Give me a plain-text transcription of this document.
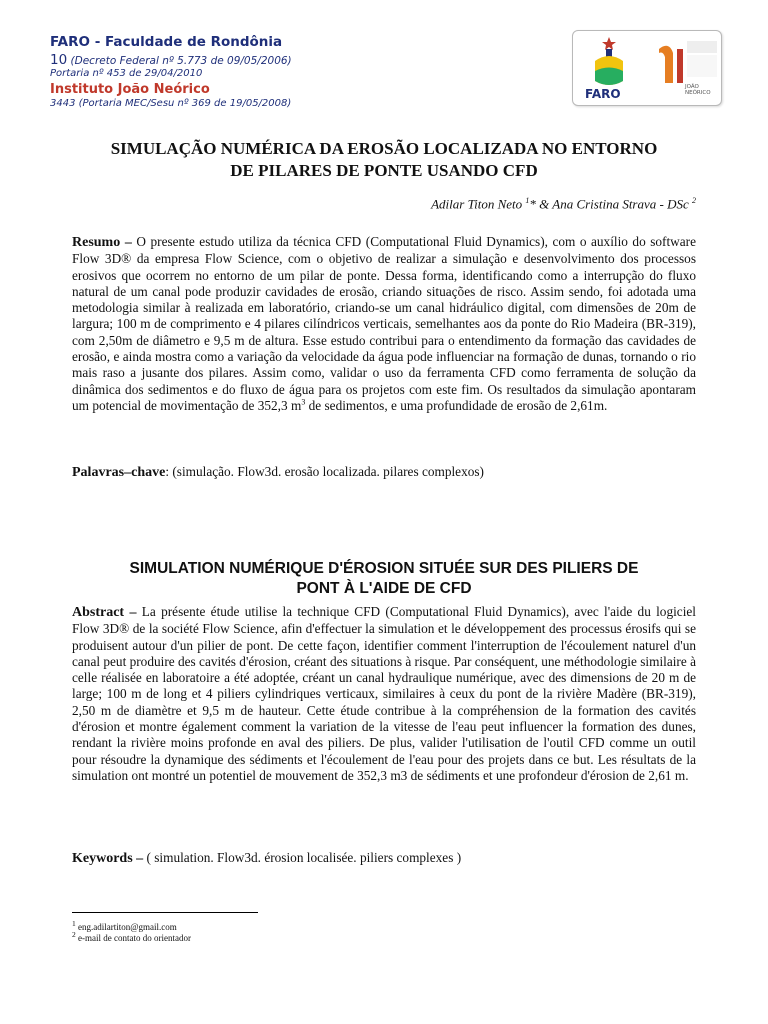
FARO - Faculdade de Rondônia
10 (Decreto Federal nº 5.773 de 09/05/2006)
Portaria nº 453 de 29/04/2010
Instituto João Neórico
3443 (Portaria MEC/Sesu nº 369 de 19/05/2008)
FARO	JOÃO NEÓRICO
SIMULAÇÃO NUMÉRICA DA EROSÃO LOCALIZADA NO ENTORNO
DE PILARES DE PONTE USANDO CFD
Adilar Titon Neto $^1$* & Ana Cristina Strava - DSc $^2$

Resumo – O presente estudo utiliza da técnica CFD (Computational Fluid Dynamics), com o auxílio do software Flow 3D® da empresa Flow Science, com o objetivo de realizar a simulação e desenvolvimento dos processos erosivos que ocorrem no entorno de um pilar de ponte. Dessa forma, identificando como a interrupção do fluxo natural de um canal pode produzir cavidades de erosão, criando situações de risco. Assim sendo, foi adotada uma metodologia similar à realizada em laboratório, criando-se um canal hidráulico digital, com dimensões de 20m de largura; 100 m de comprimento e 4 pilares cilíndricos verticais, semelhantes aos da ponte do Rio Madeira (BR-319), com 2,50m de diâmetro e 9,5 m de altura. Esse estudo contribui para o entendimento da formação das cavidades de erosão, e ainda mostra como a variação da velocidade da água pode influenciar na formação de dunas, tornando o rio mais raso a jusante dos pilares. Assim como, validar o uso da ferramenta CFD como ferramenta de solução da dinâmica dos sedimentos e do fluxo de água para os projetos com este fim. Os resultados da simulação apontaram um potencial de movimentação de 352,3 $m^3$ de sedimentos, e uma profundidade de erosão de 2,61m.

Palavras–chave: (simulação. Flow3d. erosão localizada. pilares complexos)

SIMULATION NUMÉRIQUE D'ÉROSION SITUÉE SUR DES PILIERS DE
PONT À L'AIDE DE CFD

Abstract – La présente étude utilise la technique CFD (Computational Fluid Dynamics), avec l'aide du logiciel Flow 3D® de la société Flow Science, afin d'effectuer la simulation et le développement des processus érosifs qui se produisent autour d'un pilier de pont. De cette façon, identifier comment l'interruption de l'écoulement naturel d'un canal peut produire des cavités d'érosion, créant des situations à risque. Par conséquent, une méthodologie similaire à celle réalisée en laboratoire a été adoptée, créant un canal hydraulique numérique, avec des dimensions de 20 m de large; 100 m de long et 4 piliers cylindriques verticaux, similaires à ceux du pont de la rivière Madère (BR-319), 2,50 m de diamètre et 9,5 m de hauteur. Cette étude contribue à la compréhension de la formation des cavités d'érosion et montre également comment la variation de la vitesse de l'eau peut influencer la formation des dunes, rendant la rivière moins profonde en aval des piliers. De plus, valider l'utilisation de l'outil CFD comme un outil pour résoudre la dynamique des sédiments et l'écoulement de l'eau pour des projets dans ce but. Les résultats de la simulation ont montré un potentiel de mouvement de 352,3 m3 de sédiments et une profondeur d'érosion de 2,61 m.

Keywords – ( simulation. Flow3d. érosion localisée. piliers complexes )

$^1$ eng.adilartiton@gmail.com
$^2$ e-mail de contato do orientador
